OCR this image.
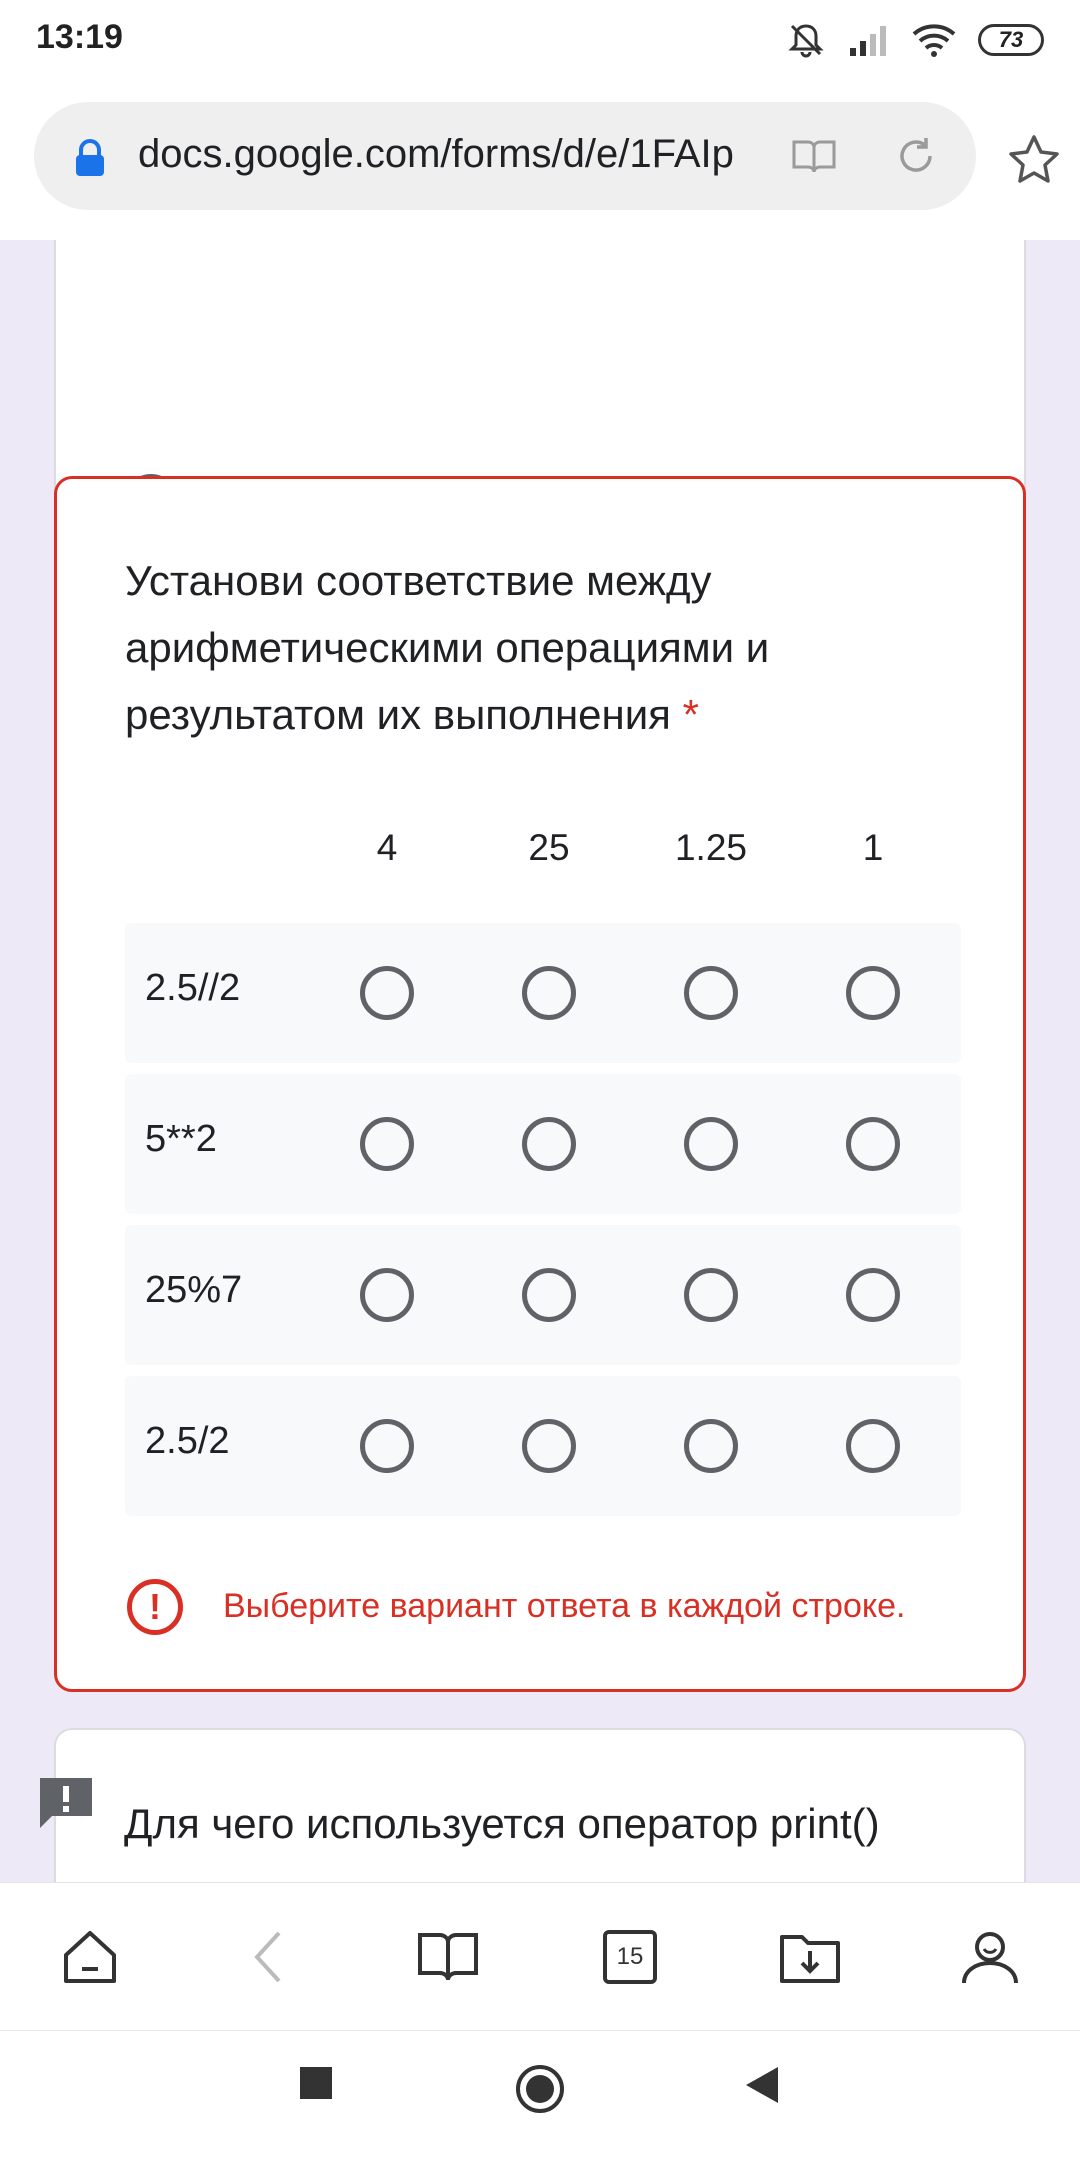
13:19	73
docs.google.com/forms/d/e/1FAIp
Установи соответствие между арифметическими операциями и результатом их выполнения *
4	25	1.25	1
2.5//2
5**2
25%7
2.5/2
!	Выберите вариант ответа в каждой строке.
Для чего используется оператор print()
15
